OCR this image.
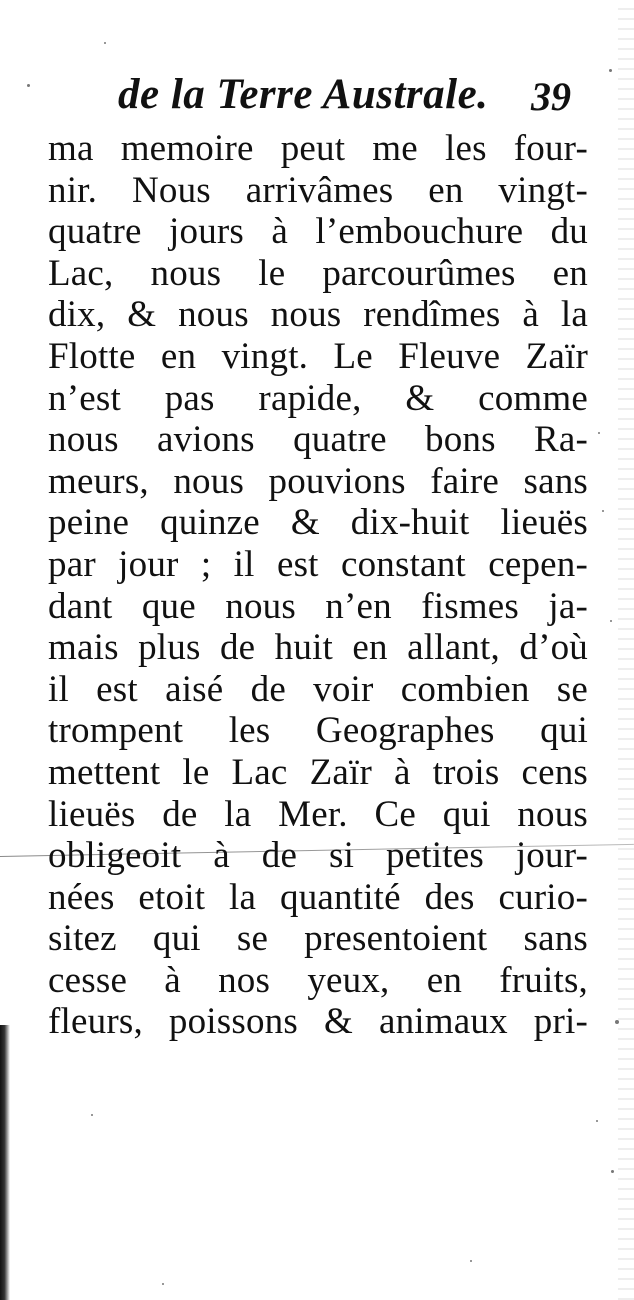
de la Terre Australe.	39
ma memoire peut me les four-
nir. Nous arrivâmes en vingt-
quatre jours à l’embouchure du
Lac, nous le parcourûmes en
dix, & nous nous rendîmes à la
Flotte en vingt. Le Fleuve Zaïr
n’est pas rapide, & comme
nous avions quatre bons Ra-
meurs, nous pouvions faire sans
peine quinze & dix-huit lieuës
par jour ; il est constant cepen-
dant que nous n’en fismes ja-
mais plus de huit en allant, d’où
il est aisé de voir combien se
trompent les Geographes qui
mettent le Lac Zaïr à trois cens
lieuës de la Mer. Ce qui nous
obligeoit à de si petites jour-
nées etoit la quantité des curio-
sitez qui se presentoient sans
cesse à nos yeux, en fruits,
fleurs, poissons & animaux pri-
